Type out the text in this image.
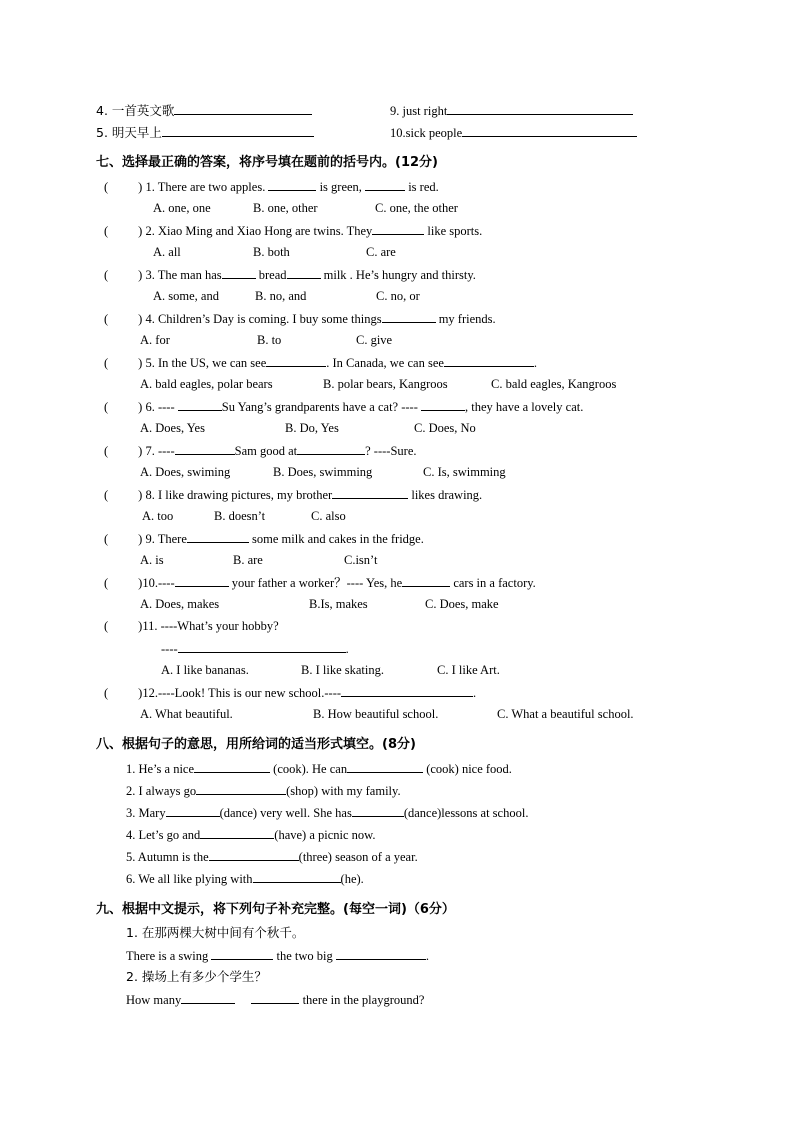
4. 一首英文歌	9. just right
5. 明天早上	10.sick people
七、选择最正确的答案，将序号填在题前的括号内。(12分)
( ) 1. There are two apples.	is green,	is red.
A. one, one	B. one, other	C. one, the other
( ) 2. Xiao Ming and Xiao Hong are twins. They	like sports.
A. all	B. both	C. are
( ) 3. The man has	bread	milk . He’s hungry and thirsty.
A. some, and	B. no, and	C. no, or
( ) 4. Children’s Day is coming. I buy some things	my friends.
A. for	B. to	C. give
( ) 5. In the US, we can see	. In Canada, we can see	.
A. bald eagles, polar bears	B. polar bears, Kangroos	C. bald eagles, Kangroos
( ) 6. ----	Su Yang’s grandparents have a cat? ----	, they have a lovely cat.
A. Does, Yes	B. Do, Yes	C. Does, No
( ) 7. ----	Sam good at	? ----Sure.
A. Does, swiming	B. Does, swimming	C. Is, swimming
( ) 8. I like drawing pictures, my brother	likes drawing.
A. too	B. doesn’t	C. also
( ) 9. There	some milk and cakes in the fridge.
A. is	B. are	C.isn’t
( )10.----	your father a worker？---- Yes, he	cars in a factory.
A. Does, makes	B.Is, makes	C. Does, make
( )11. ----What’s your hobby?
----	.
A. I like bananas.	B. I like skating.	C. I like Art.
( )12.----Look! This is our new school.----	.
A. What beautiful.	B. How beautiful school.	C. What a beautiful school.
八、根据句子的意思，用所给词的适当形式填空。(8分)
1. He’s a nice	(cook). He can	(cook) nice food.
2. I always go	(shop) with my family.
3. Mary	(dance) very well. She has	(dance)lessons at school.
4. Let’s go and	(have) a picnic now.
5. Autumn is the	(three) season of a year.
6. We all like plying with	(he).
九、根据中文提示，将下列句子补充完整。(每空一词)（6分）
1. 在那两棵大树中间有个秋千。
There is a swing	the two big	.
2. 操场上有多少个学生？
How many	there in the playground?
